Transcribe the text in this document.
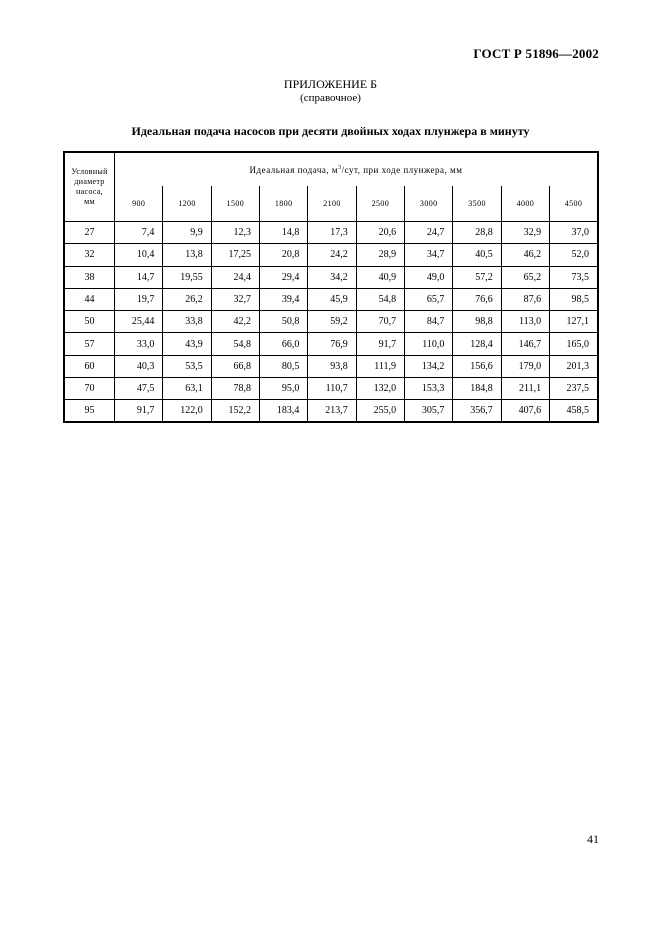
ГОСТ Р 51896—2002
ПРИЛОЖЕНИЕ Б
(справочное)
Идеальная подача насосов при десяти двойных ходах плунжера в минуту
Условный
диаметр
насоса,
мм	Идеальная подача, $м^3$/сут, при ходе плунжера, мм									
	900	1200	1500	1800	2100	2500	3000	3500	4000	4500
27	7,4	9,9	12,3	14,8	17,3	20,6	24,7	28,8	32,9	37,0
32	10,4	13,8	17,25	20,8	24,2	28,9	34,7	40,5	46,2	52,0
38	14,7	19,55	24,4	29,4	34,2	40,9	49,0	57,2	65,2	73,5
44	19,7	26,2	32,7	39,4	45,9	54,8	65,7	76,6	87,6	98,5
50	25,44	33,8	42,2	50,8	59,2	70,7	84,7	98,8	113,0	127,1
57	33,0	43,9	54,8	66,0	76,9	91,7	110,0	128,4	146,7	165,0
60	40,3	53,5	66,8	80,5	93,8	111,9	134,2	156,6	179,0	201,3
70	47,5	63,1	78,8	95,0	110,7	132,0	153,3	184,8	211,1	237,5
95	91,7	122,0	152,2	183,4	213,7	255,0	305,7	356,7	407,6	458,5
41
